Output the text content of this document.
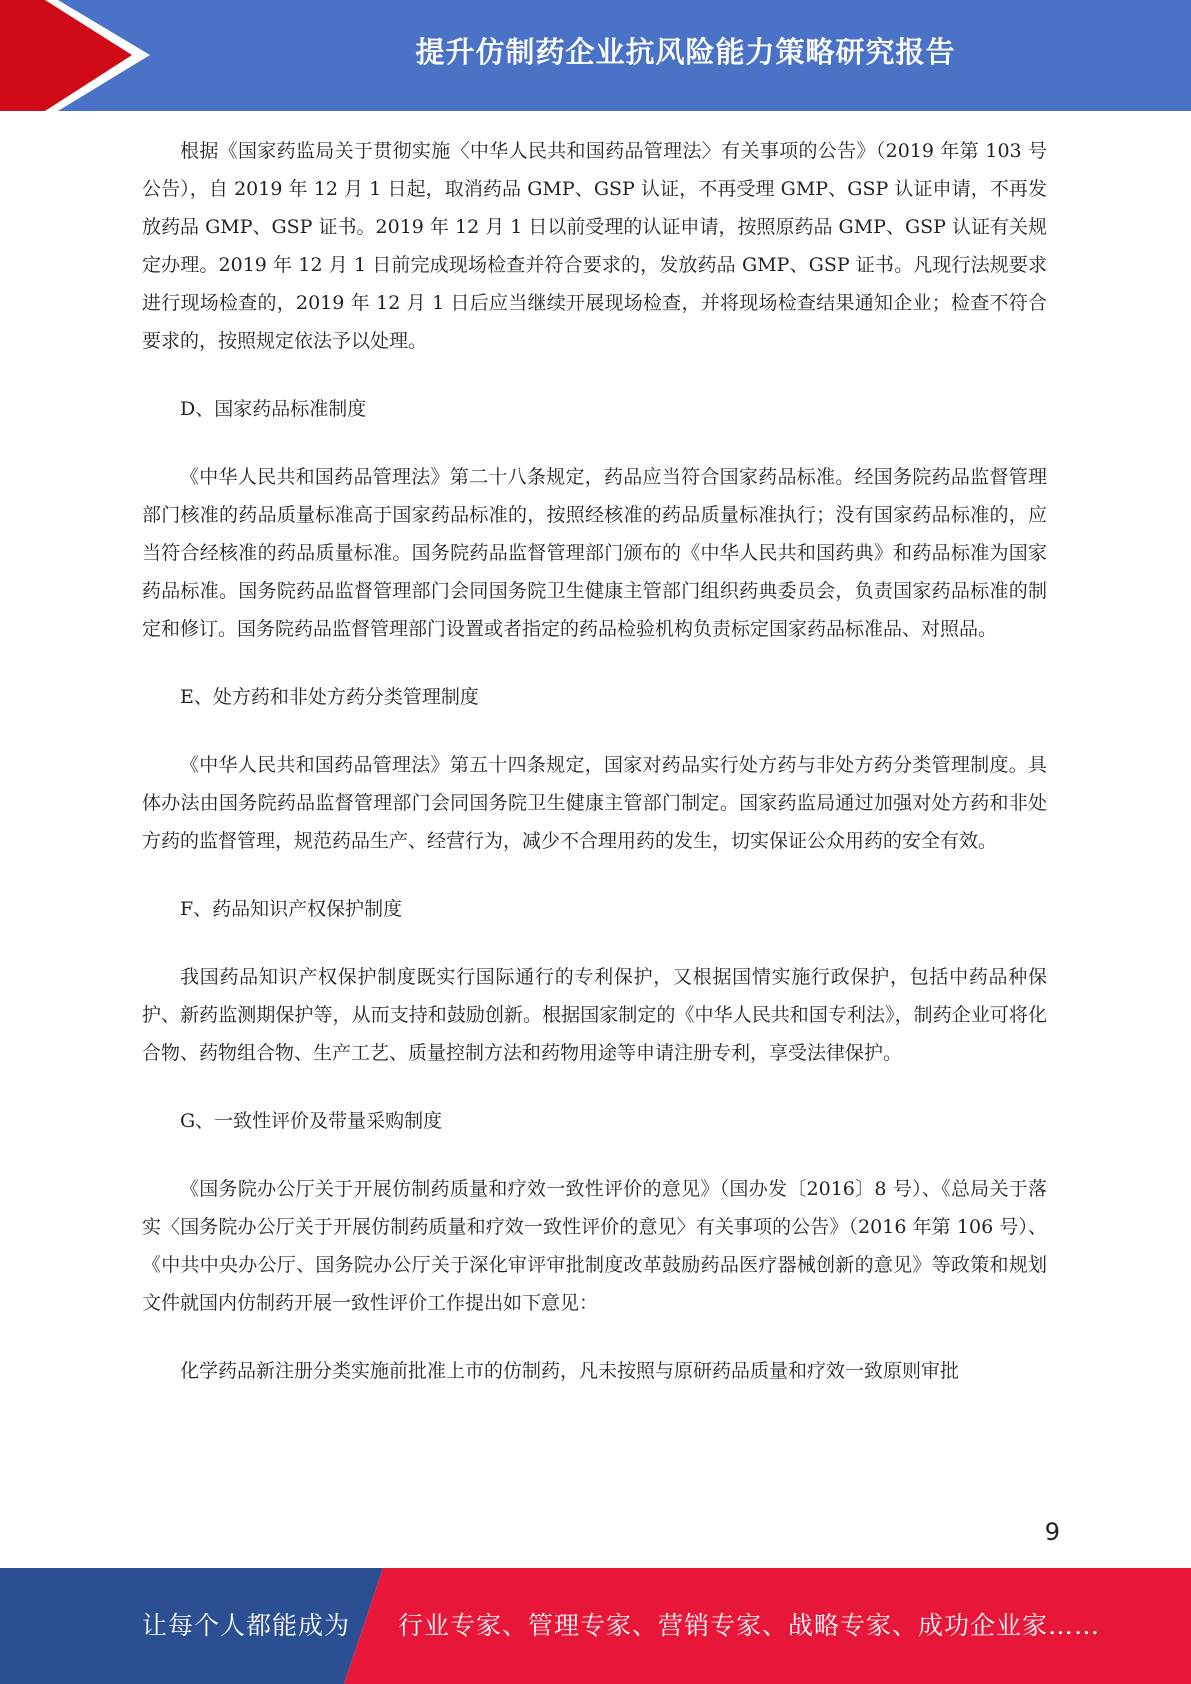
提升仿制药企业抗风险能力策略研究报告

根据《国家药监局关于贯彻实施〈中华人民共和国药品管理法〉有关事项的公告》（2019 年第 103 号公告），自 2019 年 12 月 1 日起，取消药品 GMP、GSP 认证，不再受理 GMP、GSP 认证申请，不再发放药品 GMP、GSP 证书。2019 年 12 月 1 日以前受理的认证申请，按照原药品 GMP、GSP 认证有关规定办理。2019 年 12 月 1 日前完成现场检查并符合要求的，发放药品 GMP、GSP 证书。凡现行法规要求进行现场检查的，2019 年 12 月 1 日后应当继续开展现场检查，并将现场检查结果通知企业；检查不符合要求的，按照规定依法予以处理。

D、国家药品标准制度

《中华人民共和国药品管理法》第二十八条规定，药品应当符合国家药品标准。经国务院药品监督管理部门核准的药品质量标准高于国家药品标准的，按照经核准的药品质量标准执行；没有国家药品标准的，应当符合经核准的药品质量标准。国务院药品监督管理部门颁布的《中华人民共和国药典》和药品标准为国家药品标准。国务院药品监督管理部门会同国务院卫生健康主管部门组织药典委员会，负责国家药品标准的制定和修订。国务院药品监督管理部门设置或者指定的药品检验机构负责标定国家药品标准品、对照品。

E、处方药和非处方药分类管理制度

《中华人民共和国药品管理法》第五十四条规定，国家对药品实行处方药与非处方药分类管理制度。具体办法由国务院药品监督管理部门会同国务院卫生健康主管部门制定。国家药监局通过加强对处方药和非处方药的监督管理，规范药品生产、经营行为，减少不合理用药的发生，切实保证公众用药的安全有效。

F、药品知识产权保护制度

我国药品知识产权保护制度既实行国际通行的专利保护，又根据国情实施行政保护，包括中药品种保护、新药监测期保护等，从而支持和鼓励创新。根据国家制定的《中华人民共和国专利法》，制药企业可将化合物、药物组合物、生产工艺、质量控制方法和药物用途等申请注册专利，享受法律保护。

G、一致性评价及带量采购制度

《国务院办公厅关于开展仿制药质量和疗效一致性评价的意见》（国办发〔2016〕8 号）、《总局关于落实〈国务院办公厅关于开展仿制药质量和疗效一致性评价的意见〉有关事项的公告》（2016 年第 106 号）、《中共中央办公厅、国务院办公厅关于深化审评审批制度改革鼓励药品医疗器械创新的意见》等政策和规划文件就国内仿制药开展一致性评价工作提出如下意见：

化学药品新注册分类实施前批准上市的仿制药，凡未按照与原研药品质量和疗效一致原则审批

9
让每个人都能成为 行业专家、管理专家、营销专家、战略专家、成功企业家……
